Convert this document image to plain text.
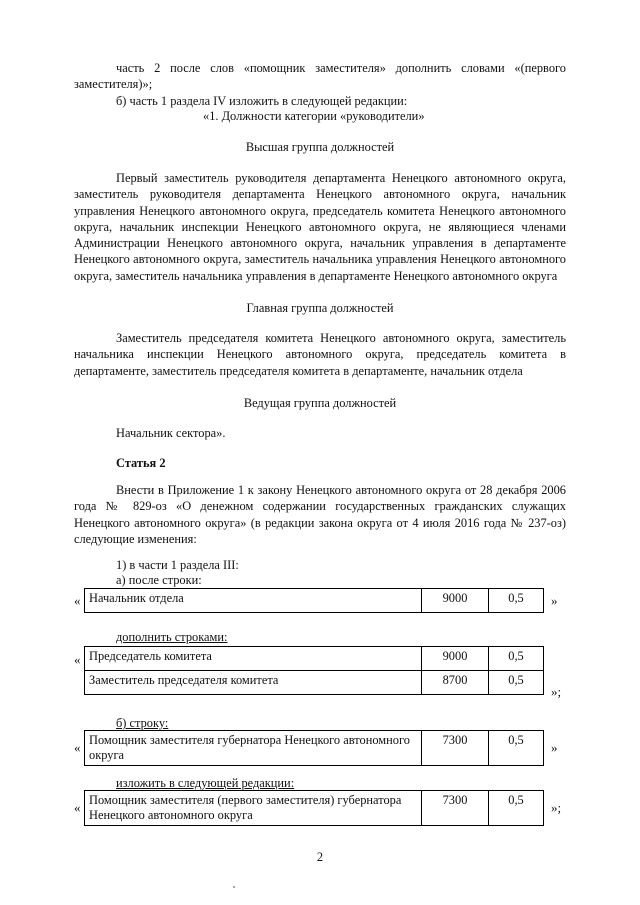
часть 2 после слов «помощник заместителя» дополнить словами «(первого заместителя)»;

б) часть 1 раздела IV изложить в следующей редакции:

«1. Должности категории «руководители»

Высшая группа должностей

Первый заместитель руководителя департамента Ненецкого автономного округа, заместитель руководителя департамента Ненецкого автономного округа, начальник управления Ненецкого автономного округа, председатель комитета Ненецкого автономного округа, начальник инспекции Ненецкого автономного округа, не являющиеся членами Администрации Ненецкого автономного округа, начальник управления в департаменте Ненецкого автономного округа, заместитель начальника управления Ненецкого автономного округа, заместитель начальника управления в департаменте Ненецкого автономного округа

Главная группа должностей

Заместитель председателя комитета Ненецкого автономного округа, заместитель начальника инспекции Ненецкого автономного округа, председатель комитета в департаменте, заместитель председателя комитета в департаменте, начальник отдела

Ведущая группа должностей

Начальник сектора».

Статья 2

Внести в Приложение 1 к закону Ненецкого автономного округа от 28 декабря 2006 года № 829-оз «О денежном содержании государственных гражданских служащих Ненецкого автономного округа» (в редакции закона округа от 4 июля 2016 года № 237-оз) следующие изменения:

1) в части 1 раздела III:

а) после строки:

« Начальник отдела	9000	0,5 »

дополнить строками:

« Председатель комитета	9000	0,5
Заместитель председателя комитета	8700	0,5
»;

б) строку:

« Помощник заместителя губернатора Ненецкого автономного округа	7300	0,5 »

изложить в следующей редакции:

« Помощник заместителя (первого заместителя) губернатора Ненецкого автономного округа	7300	0,5 »;
2
